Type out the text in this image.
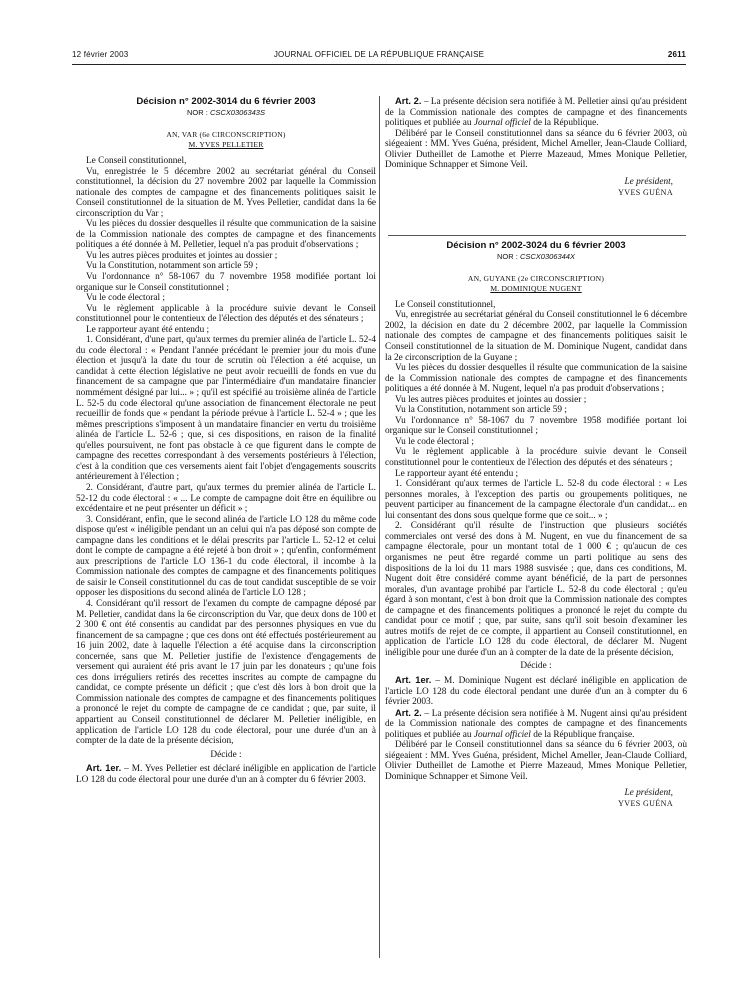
12 février 2003	JOURNAL OFFICIEL DE LA RÉPUBLIQUE FRANÇAISE	2611

Décision n° 2002-3014 du 6 février 2003

NOR : CSCX0306343S

AN, VAR (6e CIRCONSCRIPTION)

M. YVES PELLETIER

Le Conseil constitutionnel,

Vu, enregistrée le 5 décembre 2002 au secrétariat général du Conseil constitutionnel, la décision du 27 novembre 2002 par laquelle la Commission nationale des comptes de campagne et des financements politiques saisit le Conseil constitutionnel de la situation de M. Yves Pelletier, candidat dans la 6e circonscription du Var ;

Vu les pièces du dossier desquelles il résulte que communication de la saisine de la Commission nationale des comptes de campagne et des financements politiques a été donnée à M. Pelletier, lequel n'a pas produit d'observations ;

Vu les autres pièces produites et jointes au dossier ;

Vu la Constitution, notamment son article 59 ;

Vu l'ordonnance n° 58-1067 du 7 novembre 1958 modifiée portant loi organique sur le Conseil constitutionnel ;

Vu le code électoral ;

Vu le règlement applicable à la procédure suivie devant le Conseil constitutionnel pour le contentieux de l'élection des députés et des sénateurs ;

Le rapporteur ayant été entendu ;

1. Considérant, d'une part, qu'aux termes du premier alinéa de l'article L. 52-4 du code électoral : « Pendant l'année précédant le premier jour du mois d'une élection et jusqu'à la date du tour de scrutin où l'élection a été acquise, un candidat à cette élection législative ne peut avoir recueilli de fonds en vue du financement de sa campagne que par l'intermédiaire d'un mandataire financier nommément désigné par lui... » ; qu'il est spécifié au troisième alinéa de l'article L. 52-5 du code électoral qu'une association de financement électorale ne peut recueillir de fonds que « pendant la période prévue à l'article L. 52-4 » ; que les mêmes prescriptions s'imposent à un mandataire financier en vertu du troisième alinéa de l'article L. 52-6 ; que, si ces dispositions, en raison de la finalité qu'elles poursuivent, ne font pas obstacle à ce que figurent dans le compte de campagne des recettes correspondant à des versements postérieurs à l'élection, c'est à la condition que ces versements aient fait l'objet d'engagements souscrits antérieurement à l'élection ;

2. Considérant, d'autre part, qu'aux termes du premier alinéa de l'article L. 52-12 du code électoral : « ... Le compte de campagne doit être en équilibre ou excédentaire et ne peut présenter un déficit » ;

3. Considérant, enfin, que le second alinéa de l'article LO 128 du même code dispose qu'est « inéligible pendant un an celui qui n'a pas déposé son compte de campagne dans les conditions et le délai prescrits par l'article L. 52-12 et celui dont le compte de campagne a été rejeté à bon droit » ; qu'enfin, conformément aux prescriptions de l'article LO 136-1 du code électoral, il incombe à la Commission nationale des comptes de campagne et des financements politiques de saisir le Conseil constitutionnel du cas de tout candidat susceptible de se voir opposer les dispositions du second alinéa de l'article LO 128 ;

4. Considérant qu'il ressort de l'examen du compte de campagne déposé par M. Pelletier, candidat dans la 6e circonscription du Var, que deux dons de 100 et 2 300 € ont été consentis au candidat par des personnes physiques en vue du financement de sa campagne ; que ces dons ont été effectués postérieurement au 16 juin 2002, date à laquelle l'élection a été acquise dans la circonscription concernée, sans que M. Pelletier justifie de l'existence d'engagements de versement qui auraient été pris avant le 17 juin par les donateurs ; qu'une fois ces dons irréguliers retirés des recettes inscrites au compte de campagne du candidat, ce compte présente un déficit ; que c'est dès lors à bon droit que la Commission nationale des comptes de campagne et des financements politiques a prononcé le rejet du compte de campagne de ce candidat ; que, par suite, il appartient au Conseil constitutionnel de déclarer M. Pelletier inéligible, en application de l'article LO 128 du code électoral, pour une durée d'un an à compter de la date de la présente décision,

Décide :

Art. 1er. – M. Yves Pelletier est déclaré inéligible en application de l'article LO 128 du code électoral pour une durée d'un an à compter du 6 février 2003.

Art. 2. – La présente décision sera notifiée à M. Pelletier ainsi qu'au président de la Commission nationale des comptes de campagne et des financements politiques et publiée au Journal officiel de la République.

Délibéré par le Conseil constitutionnel dans sa séance du 6 février 2003, où siégeaient : MM. Yves Guéna, président, Michel Ameller, Jean-Claude Colliard, Olivier Dutheillet de Lamothe et Pierre Mazeaud, Mmes Monique Pelletier, Dominique Schnapper et Simone Veil.

Le président,

YVES GUÉNA

Décision n° 2002-3024 du 6 février 2003

NOR : CSCX0306344X

AN, GUYANE (2e CIRCONSCRIPTION)

M. DOMINIQUE NUGENT

Le Conseil constitutionnel,

Vu, enregistrée au secrétariat général du Conseil constitutionnel le 6 décembre 2002, la décision en date du 2 décembre 2002, par laquelle la Commission nationale des comptes de campagne et des financements politiques saisit le Conseil constitutionnel de la situation de M. Dominique Nugent, candidat dans la 2e circonscription de la Guyane ;

Vu les pièces du dossier desquelles il résulte que communication de la saisine de la Commission nationale des comptes de campagne et des financements politiques a été donnée à M. Nugent, lequel n'a pas produit d'observations ;

Vu les autres pièces produites et jointes au dossier ;

Vu la Constitution, notamment son article 59 ;

Vu l'ordonnance n° 58-1067 du 7 novembre 1958 modifiée portant loi organique sur le Conseil constitutionnel ;

Vu le code électoral ;

Vu le règlement applicable à la procédure suivie devant le Conseil constitutionnel pour le contentieux de l'élection des députés et des sénateurs ;

Le rapporteur ayant été entendu ;

1. Considérant qu'aux termes de l'article L. 52-8 du code électoral : « Les personnes morales, à l'exception des partis ou groupements politiques, ne peuvent participer au financement de la campagne électorale d'un candidat... en lui consentant des dons sous quelque forme que ce soit... » ;

2. Considérant qu'il résulte de l'instruction que plusieurs sociétés commerciales ont versé des dons à M. Nugent, en vue du financement de sa campagne électorale, pour un montant total de 1 000 € ; qu'aucun de ces organismes ne peut être regardé comme un parti politique au sens des dispositions de la loi du 11 mars 1988 susvisée ; que, dans ces conditions, M. Nugent doit être considéré comme ayant bénéficié, de la part de personnes morales, d'un avantage prohibé par l'article L. 52-8 du code électoral ; qu'eu égard à son montant, c'est à bon droit que la Commission nationale des comptes de campagne et des financements politiques a prononcé le rejet du compte du candidat pour ce motif ; que, par suite, sans qu'il soit besoin d'examiner les autres motifs de rejet de ce compte, il appartient au Conseil constitutionnel, en application de l'article LO 128 du code électoral, de déclarer M. Nugent inéligible pour une durée d'un an à compter de la date de la présente décision,

Décide :

Art. 1er. – M. Dominique Nugent est déclaré inéligible en application de l'article LO 128 du code électoral pendant une durée d'un an à compter du 6 février 2003.

Art. 2. – La présente décision sera notifiée à M. Nugent ainsi qu'au président de la Commission nationale des comptes de campagne et des financements politiques et publiée au Journal officiel de la République française.

Délibéré par le Conseil constitutionnel dans sa séance du 6 février 2003, où siégeaient : MM. Yves Guéna, président, Michel Ameller, Jean-Claude Colliard, Olivier Dutheillet de Lamothe et Pierre Mazeaud, Mmes Monique Pelletier, Dominique Schnapper et Simone Veil.

Le président,

YVES GUÉNA
